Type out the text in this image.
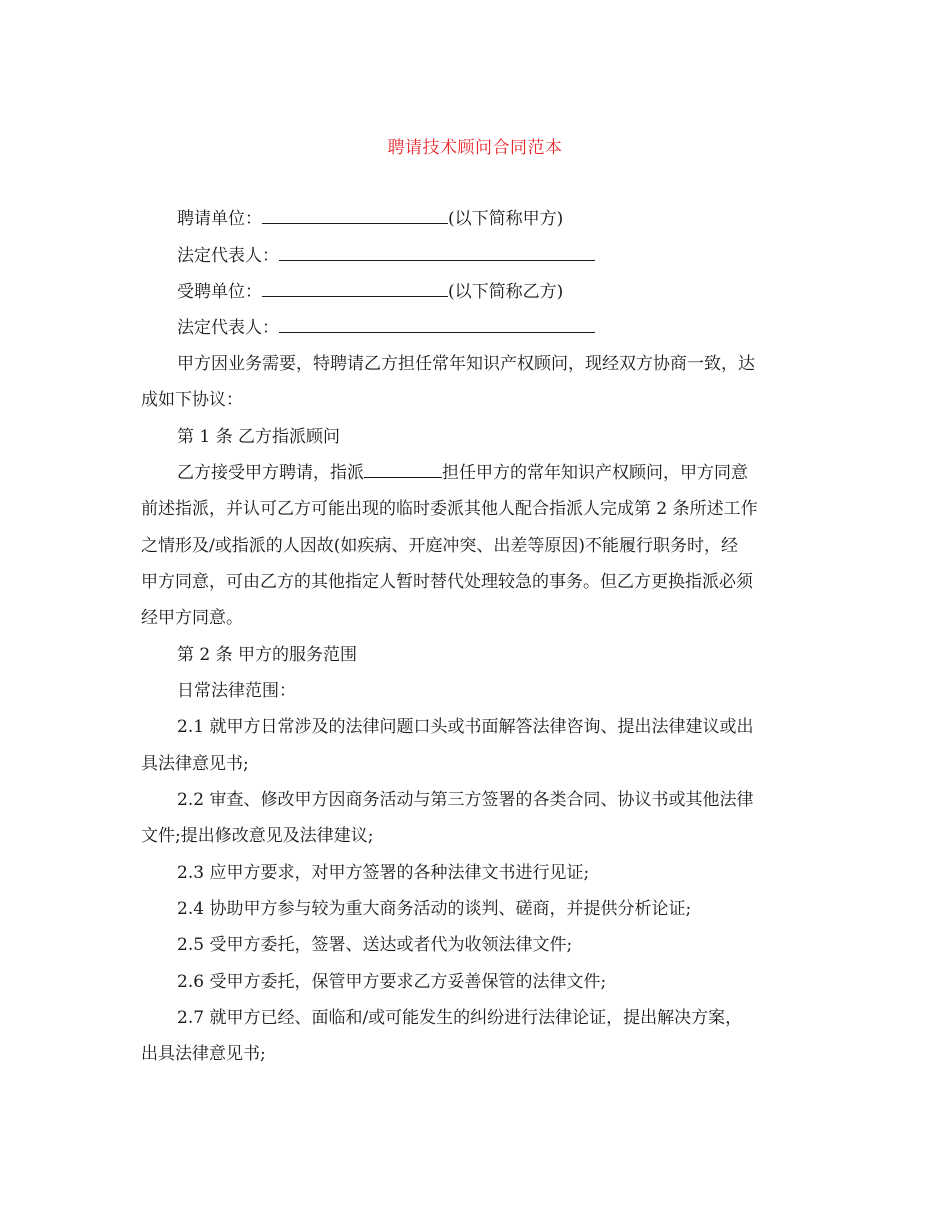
聘请技术顾问合同范本
聘请单位：	(以下简称甲方)
法定代表人：
受聘单位：	(以下简称乙方)
法定代表人：
甲方因业务需要，特聘请乙方担任常年知识产权顾问，现经双方协商一致，达
成如下协议：
第 1 条 乙方指派顾问
乙方接受甲方聘请，指派	担任甲方的常年知识产权顾问，甲方同意
前述指派，并认可乙方可能出现的临时委派其他人配合指派人完成第 2 条所述工作
之情形及/或指派的人因故(如疾病、开庭冲突、出差等原因)不能履行职务时，经
甲方同意，可由乙方的其他指定人暂时替代处理较急的事务。但乙方更换指派必须
经甲方同意。
第 2 条 甲方的服务范围
日常法律范围：
2.1 就甲方日常涉及的法律问题口头或书面解答法律咨询、提出法律建议或出
具法律意见书;
2.2 审查、修改甲方因商务活动与第三方签署的各类合同、协议书或其他法律
文件;提出修改意见及法律建议;
2.3 应甲方要求，对甲方签署的各种法律文书进行见证;
2.4 协助甲方参与较为重大商务活动的谈判、磋商，并提供分析论证;
2.5 受甲方委托，签署、送达或者代为收领法律文件;
2.6 受甲方委托，保管甲方要求乙方妥善保管的法律文件;
2.7 就甲方已经、面临和/或可能发生的纠纷进行法律论证，提出解决方案，
出具法律意见书;
